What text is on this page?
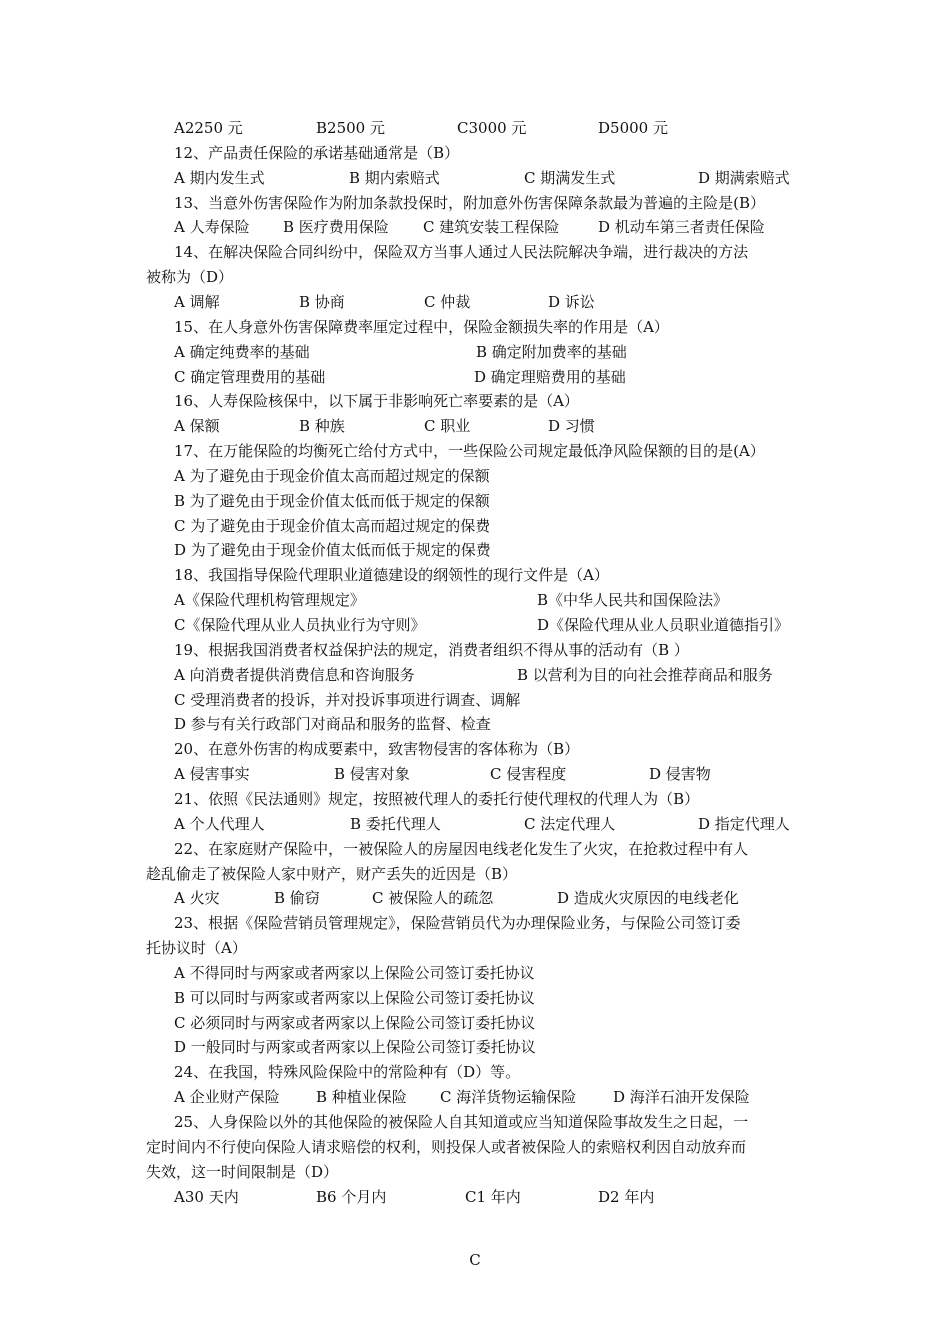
A2250 元	B2500 元	C3000 元	D5000 元
12、产品责任保险的承诺基础通常是（B）
A 期内发生式	B 期内索赔式	C 期满发生式	D 期满索赔式
13、当意外伤害保险作为附加条款投保时，附加意外伤害保障条款最为普遍的主险是(B）
A 人寿保险 B 医疗费用保险 C 建筑安装工程保险	D 机动车第三者责任保险
14、在解决保险合同纠纷中，保险双方当事人通过人民法院解决争端，进行裁决的方法
被称为（D）
A 调解	B 协商	C 仲裁	D 诉讼
15、在人身意外伤害保障费率厘定过程中，保险金额损失率的作用是（A）
A 确定纯费率的基础	B 确定附加费率的基础
C 确定管理费用的基础	D 确定理赔费用的基础
16、人寿保险核保中，以下属于非影响死亡率要素的是（A）
A 保额	B 种族	C 职业	D 习惯
17、在万能保险的均衡死亡给付方式中，一些保险公司规定最低净风险保额的目的是(A）
A 为了避免由于现金价值太高而超过规定的保额
B 为了避免由于现金价值太低而低于规定的保额
C 为了避免由于现金价值太高而超过规定的保费
D 为了避免由于现金价值太低而低于规定的保费
18、我国指导保险代理职业道德建设的纲领性的现行文件是（A）
A《保险代理机构管理规定》	B《中华人民共和国保险法》
C《保险代理从业人员执业行为守则》	D《保险代理从业人员职业道德指引》
19、根据我国消费者权益保护法的规定，消费者组织不得从事的活动有（B ）
A 向消费者提供消费信息和咨询服务	B 以营利为目的向社会推荐商品和服务
C 受理消费者的投诉，并对投诉事项进行调查、调解
D 参与有关行政部门对商品和服务的监督、检查
20、在意外伤害的构成要素中，致害物侵害的客体称为（B）
A 侵害事实	B 侵害对象	C 侵害程度	D 侵害物
21、依照《民法通则》规定，按照被代理人的委托行使代理权的代理人为（B）
A 个人代理人	B 委托代理人	C 法定代理人	D 指定代理人
22、在家庭财产保险中，一被保险人的房屋因电线老化发生了火灾，在抢救过程中有人
趁乱偷走了被保险人家中财产，财产丢失的近因是（B）
A 火灾	B 偷窃	C 被保险人的疏忽	D 造成火灾原因的电线老化
23、根据《保险营销员管理规定》，保险营销员代为办理保险业务，与保险公司签订委
托协议时（A）
A 不得同时与两家或者两家以上保险公司签订委托协议
B 可以同时与两家或者两家以上保险公司签订委托协议
C 必须同时与两家或者两家以上保险公司签订委托协议
D 一般同时与两家或者两家以上保险公司签订委托协议
24、在我国，特殊风险保险中的常险种有（D）等。
A 企业财产保险 B 种植业保险 C 海洋货物运输保险 D 海洋石油开发保险
25、人身保险以外的其他保险的被保险人自其知道或应当知道保险事故发生之日起，一
定时间内不行使向保险人请求赔偿的权利，则投保人或者被保险人的索赔权利因自动放弃而
失效，这一时间限制是（D）
A30 天内	B6 个月内	C1 年内	D2 年内
C
